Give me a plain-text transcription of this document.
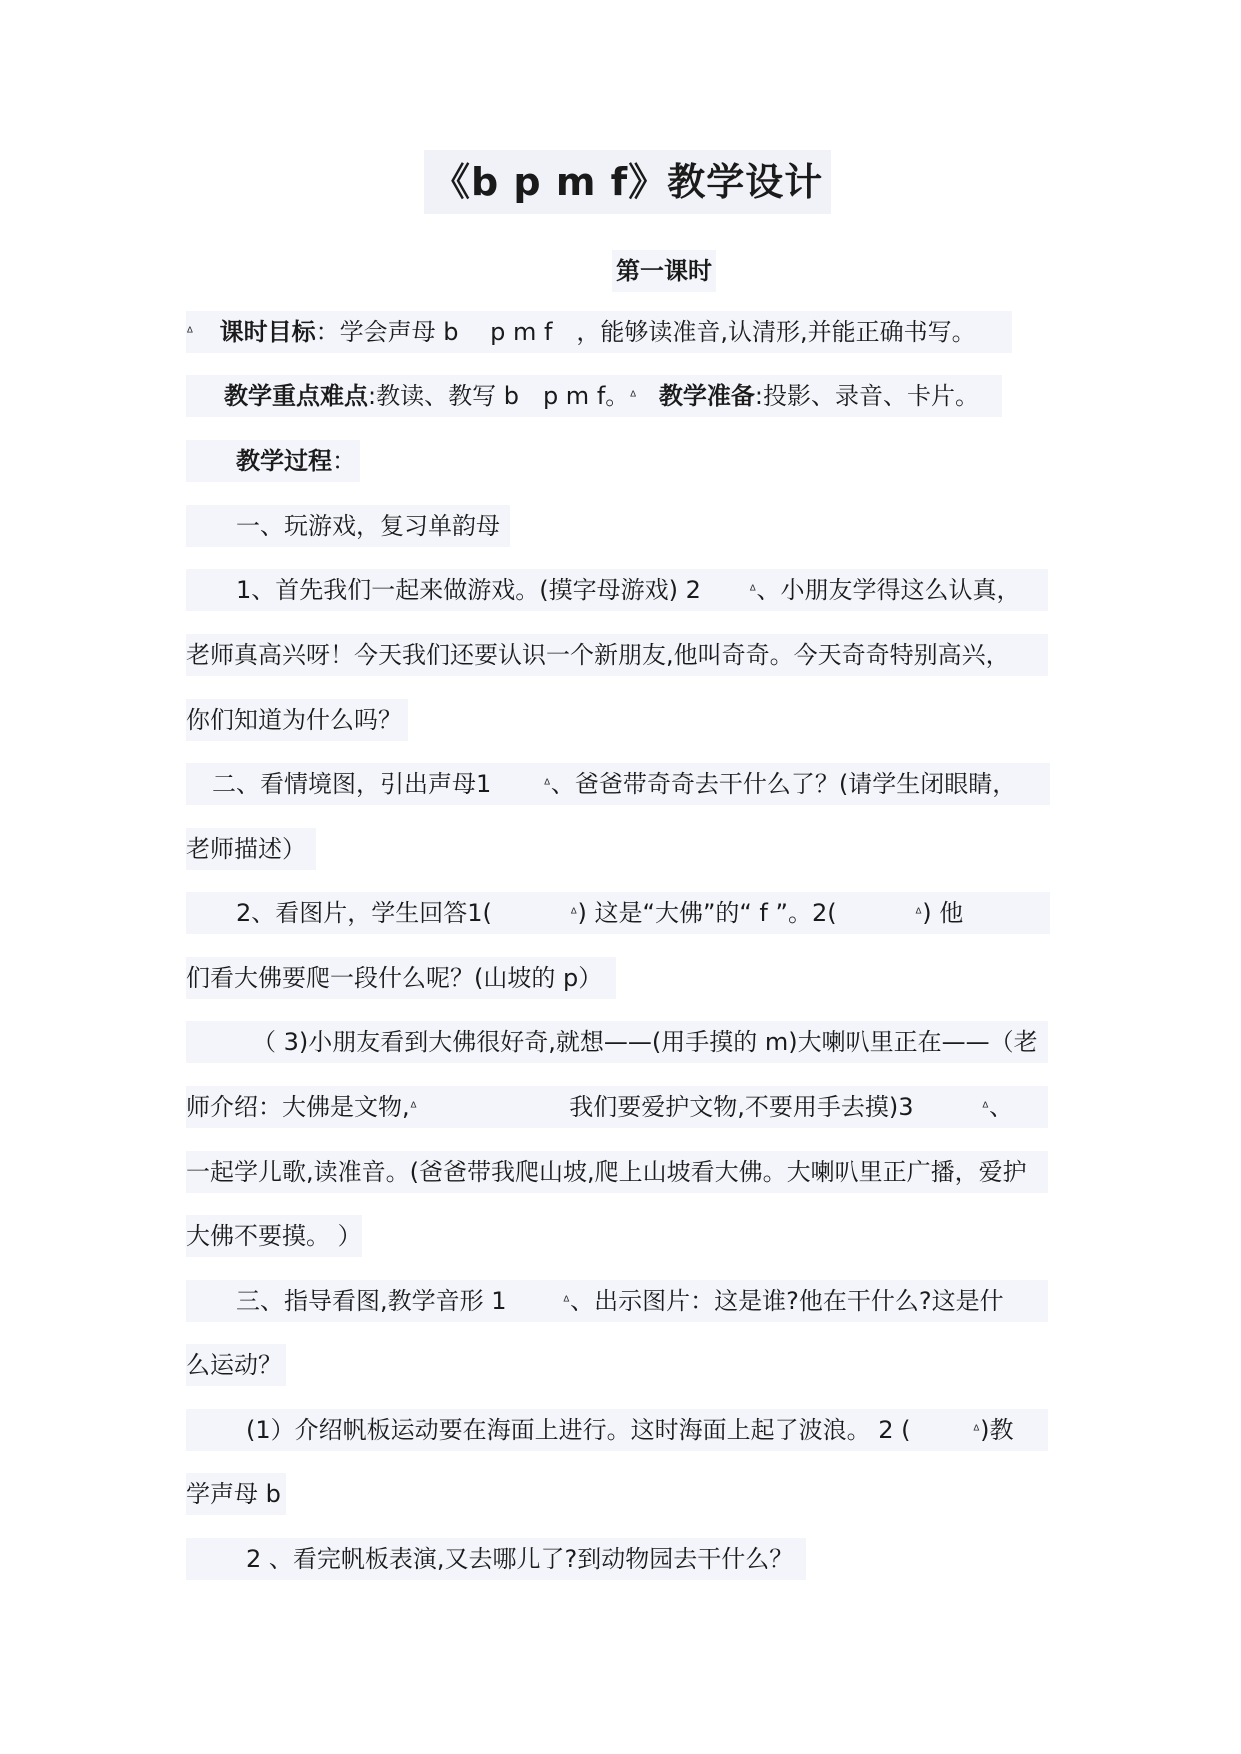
《b p m f》教学设计
第一课时
ᐞ 课时目标：学会声母 b　 p m f　，能够读准音,认清形,并能正确书写。
教学重点难点:教读、教写 b　p m f。ᐞ 教学准备:投影、录音、卡片。
教学过程：
一、玩游戏，复习单韵母
1、首先我们一起来做游戏。(摸字母游戏) 2	ᐞ、小朋友学得这么认真，
老师真高兴呀！今天我们还要认识一个新朋友,他叫奇奇。今天奇奇特别高兴，
你们知道为什么吗？
二、看情境图，引出声母1	ᐞ、爸爸带奇奇去干什么了？(请学生闭眼睛，
老师描述）
2、看图片，学生回答1(	ᐞ) 这是“大佛”的“ f ”。2(	ᐞ) 他
们看大佛要爬一段什么呢？(山坡的 p）
（ 3)小朋友看到大佛很好奇,就想——(用手摸的 m)大喇叭里正在——（老
师介绍：大佛是文物,ᐞ	我们要爱护文物,不要用手去摸)3	ᐞ、
一起学儿歌,读准音。(爸爸带我爬山坡,爬上山坡看大佛。大喇叭里正广播，爱护
大佛不要摸。 ）
三、指导看图,教学音形 1	ᐞ、出示图片：这是谁?他在干什么?这是什
么运动？
(1）介绍帆板运动要在海面上进行。这时海面上起了波浪。 2 (	ᐞ)教
学声母 b
2 、看完帆板表演,又去哪儿了?到动物园去干什么？
